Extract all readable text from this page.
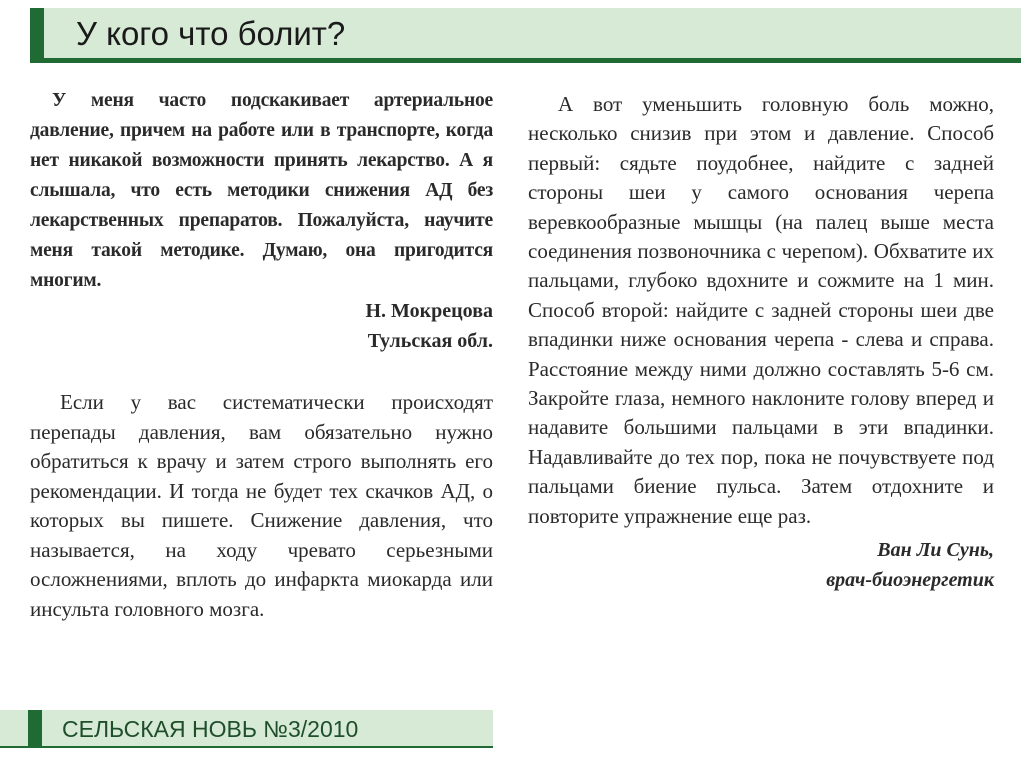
У кого что болит?

У меня часто подскакивает артериальное давление, причем на работе или в транспорте, когда нет никакой возможности принять лекарство. А я слышала, что есть методики снижения АД без лекарственных препаратов. Пожалуйста, научите меня такой методике. Думаю, она пригодится многим.

Н. Мокрецова
Тульская обл.

Если у вас систематически происходят перепады давления, вам обязательно нужно обратиться к врачу и затем строго выполнять его рекомендации. И тогда не будет тех скачков АД, о которых вы пишете. Снижение давления, что называется, на ходу чревато серьезными осложнениями, вплоть до инфаркта миокарда или инсульта головного мозга.

А вот уменьшить головную боль можно, несколько снизив при этом и давление. Способ первый: сядьте поудобнее, найдите с задней стороны шеи у самого основания черепа веревкообразные мышцы (на палец выше места соединения позвоночника с черепом). Обхватите их пальцами, глубоко вдохните и сожмите на 1 мин. Способ второй: найдите с задней стороны шеи две впадинки ниже основания черепа - слева и справа. Расстояние между ними должно составлять 5-6 см. Закройте глаза, немного наклоните голову вперед и надавите большими пальцами в эти впадинки. Надавливайте до тех пор, пока не почувствуете под пальцами биение пульса. Затем отдохните и повторите упражнение еще раз.

Ван Ли Сунь,
врач-биоэнергетик
СЕЛЬСКАЯ НОВЬ №3/2010
